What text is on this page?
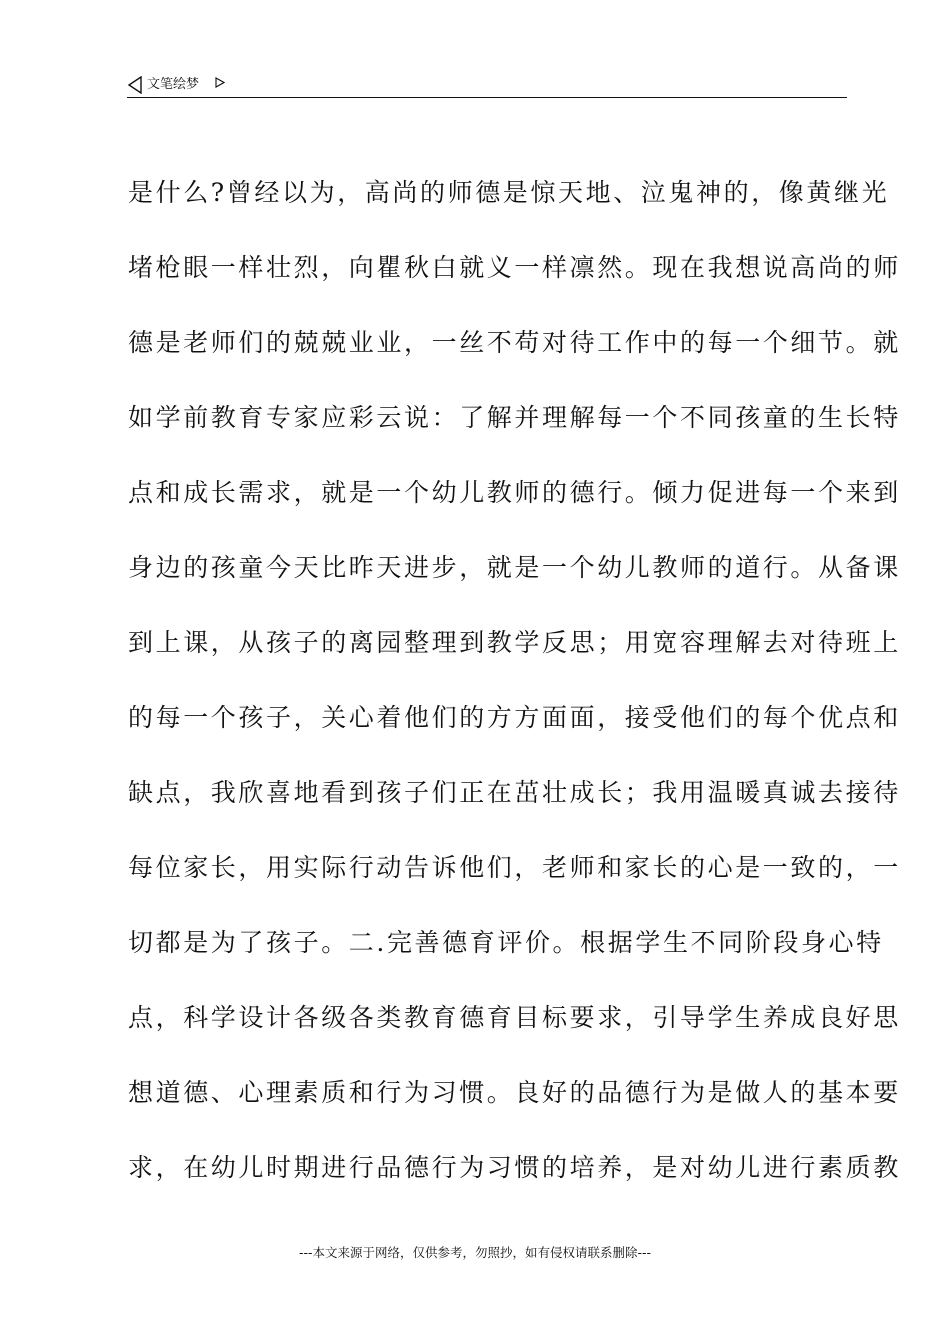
文笔绘梦
是什么?曾经以为，高尚的师德是惊天地、泣鬼神的，像黄继光
堵枪眼一样壮烈，向瞿秋白就义一样凛然。现在我想说高尚的师
德是老师们的兢兢业业，一丝不苟对待工作中的每一个细节。就
如学前教育专家应彩云说：了解并理解每一个不同孩童的生长特
点和成长需求，就是一个幼儿教师的德行。倾力促进每一个来到
身边的孩童今天比昨天进步，就是一个幼儿教师的道行。从备课
到上课，从孩子的离园整理到教学反思；用宽容理解去对待班上
的每一个孩子，关心着他们的方方面面，接受他们的每个优点和
缺点，我欣喜地看到孩子们正在茁壮成长；我用温暖真诚去接待
每位家长，用实际行动告诉他们，老师和家长的心是一致的，一
切都是为了孩子。二.完善德育评价。根据学生不同阶段身心特
点，科学设计各级各类教育德育目标要求，引导学生养成良好思
想道德、心理素质和行为习惯。良好的品德行为是做人的基本要
求，在幼儿时期进行品德行为习惯的培养，是对幼儿进行素质教
---本文来源于网络，仅供参考，勿照抄，如有侵权请联系删除---
